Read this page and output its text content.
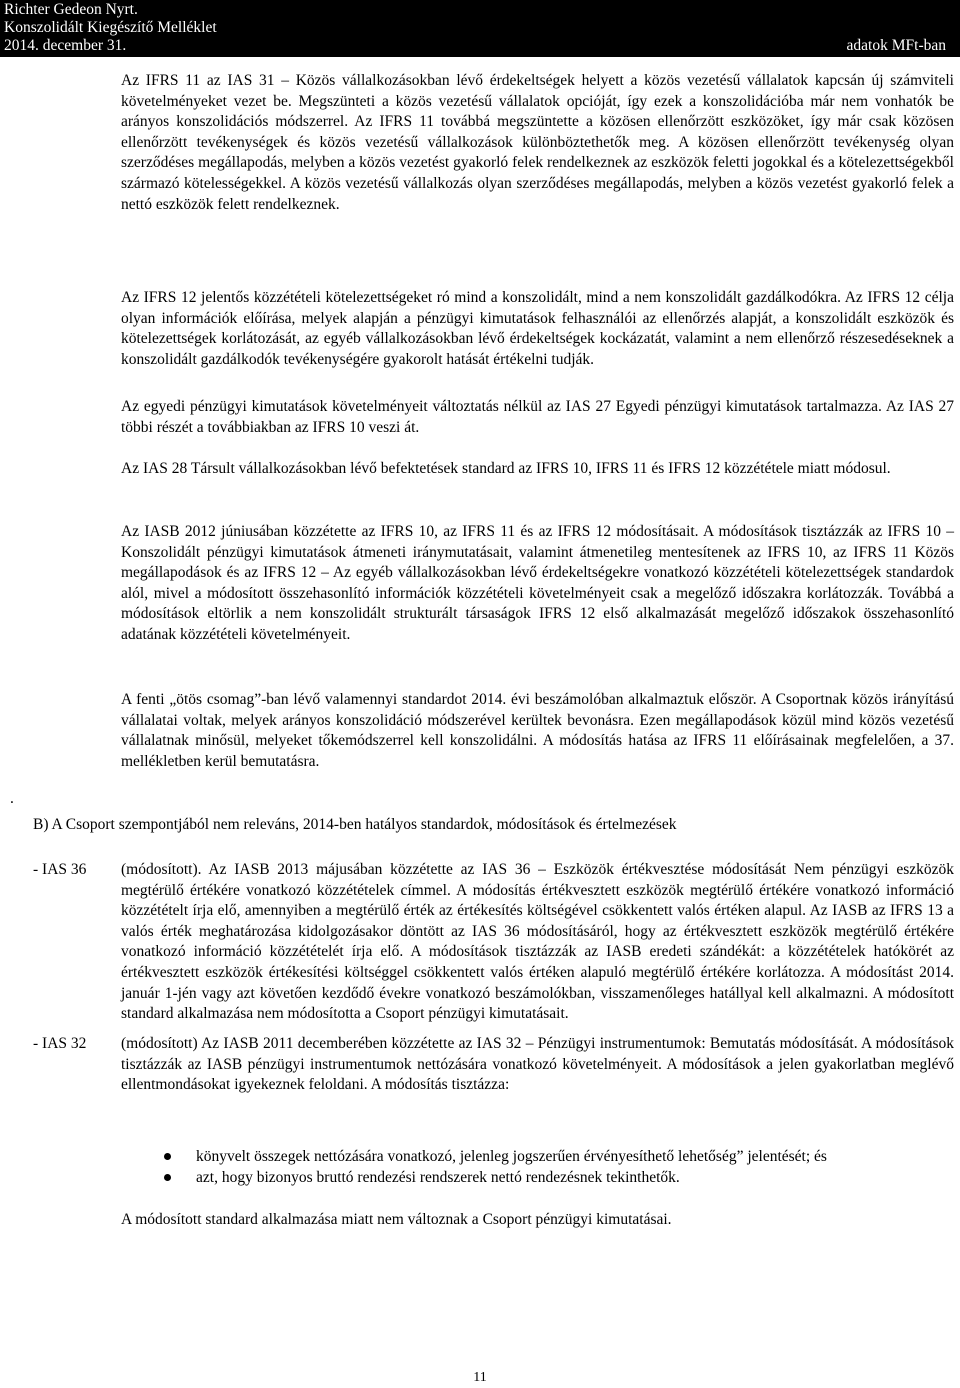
Richter Gedeon Nyrt.
Konszolidált Kiegészítő Melléklet
2014. december 31.	adatok MFt-ban

Az IFRS 11 az IAS 31 – Közös vállalkozásokban lévő érdekeltségek helyett a közös vezetésű vállalatok kapcsán új számviteli követelményeket vezet be. Megszünteti a közös vezetésű vállalatok opcióját, így ezek a konszolidációba már nem vonhatók be arányos konszolidációs módszerrel. Az IFRS 11 továbbá megszüntette a közösen ellenőrzött eszközöket, így már csak közösen ellenőrzött tevékenységek és közös vezetésű vállalkozások különböztethetők meg. A közösen ellenőrzött tevékenység olyan szerződéses megállapodás, melyben a közös vezetést gyakorló felek rendelkeznek az eszközök feletti jogokkal és a kötelezettségekből származó kötelességekkel. A közös vezetésű vállalkozás olyan szerződéses megállapodás, melyben a közös vezetést gyakorló felek a nettó eszközök felett rendelkeznek.

Az IFRS 12 jelentős közzétételi kötelezettségeket ró mind a konszolidált, mind a nem konszolidált gazdálkodókra. Az IFRS 12 célja olyan információk előírása, melyek alapján a pénzügyi kimutatások felhasználói az ellenőrzés alapját, a konszolidált eszközök és kötelezettségek korlátozását, az egyéb vállalkozásokban lévő érdekeltségek kockázatát, valamint a nem ellenőrző részesedéseknek a konszolidált gazdálkodók tevékenységére gyakorolt hatását értékelni tudják.

Az egyedi pénzügyi kimutatások követelményeit változtatás nélkül az IAS 27 Egyedi pénzügyi kimutatások tartalmazza. Az IAS 27 többi részét a továbbiakban az IFRS 10 veszi át.

Az IAS 28 Társult vállalkozásokban lévő befektetések standard az IFRS 10, IFRS 11 és IFRS 12 közzététele miatt módosul.

Az IASB 2012 júniusában közzétette az IFRS 10, az IFRS 11 és az IFRS 12 módosításait. A módosítások tisztázzák az IFRS 10 – Konszolidált pénzügyi kimutatások átmeneti iránymutatásait, valamint átmenetileg mentesítenek az IFRS 10, az IFRS 11 Közös megállapodások és az IFRS 12 – Az egyéb vállalkozásokban lévő érdekeltségekre vonatkozó közzétételi kötelezettségek standardok alól, mivel a módosított összehasonlító információk közzétételi követelményeit csak a megelőző időszakra korlátozzák. Továbbá a módosítások eltörlik a nem konszolidált strukturált társaságok IFRS 12 első alkalmazását megelőző időszakok összehasonlító adatának közzétételi követelményeit.

A fenti „ötös csomag”-ban lévő valamennyi standardot 2014. évi beszámolóban alkalmaztuk először. A Csoportnak közös irányítású vállalatai voltak, melyek arányos konszolidáció módszerével kerültek bevonásra. Ezen megállapodások közül mind közös vezetésű vállalatnak minősül, melyeket tőkemódszerrel kell konszolidálni. A módosítás hatása az IFRS 11 előírásainak megfelelően, a 37. mellékletben kerül bemutatásra.

.

B) A Csoport szempontjából nem releváns, 2014-ben hatályos standardok, módosítások és értelmezések

- IAS 36 (módosított). Az IASB 2013 májusában közzétette az IAS 36 – Eszközök értékvesztése módosítását Nem pénzügyi eszközök megtérülő értékére vonatkozó közzétételek címmel. A módosítás értékvesztett eszközök megtérülő értékére vonatkozó információ közzétételt írja elő, amennyiben a megtérülő érték az értékesítés költségével csökkentett valós értéken alapul. Az IASB az IFRS 13 a valós érték meghatározása kidolgozásakor döntött az IAS 36 módosításáról, hogy az értékvesztett eszközök megtérülő értékére vonatkozó információ közzétételét írja elő. A módosítások tisztázzák az IASB eredeti szándékát: a közzétételek hatókörét az értékvesztett eszközök értékesítési költséggel csökkentett valós értéken alapuló megtérülő értékére korlátozza. A módosítást 2014. január 1-jén vagy azt követően kezdődő évekre vonatkozó beszámolókban, visszamenőleges hatállyal kell alkalmazni. A módosított standard alkalmazása nem módosította a Csoport pénzügyi kimutatásait.

- IAS 32 (módosított) Az IASB 2011 decemberében közzétette az IAS 32 – Pénzügyi instrumentumok: Bemutatás módosítását. A módosítások tisztázzák az IASB pénzügyi instrumentumok nettózására vonatkozó követelményeit. A módosítások a jelen gyakorlatban meglévő ellentmondásokat igyekeznek feloldani. A módosítás tisztázza:

könyvelt összegek nettózására vonatkozó, jelenleg jogszerűen érvényesíthető lehetőség” jelentését; és
azt, hogy bizonyos bruttó rendezési rendszerek nettó rendezésnek tekinthetők.

A módosított standard alkalmazása miatt nem változnak a Csoport pénzügyi kimutatásai.

11
